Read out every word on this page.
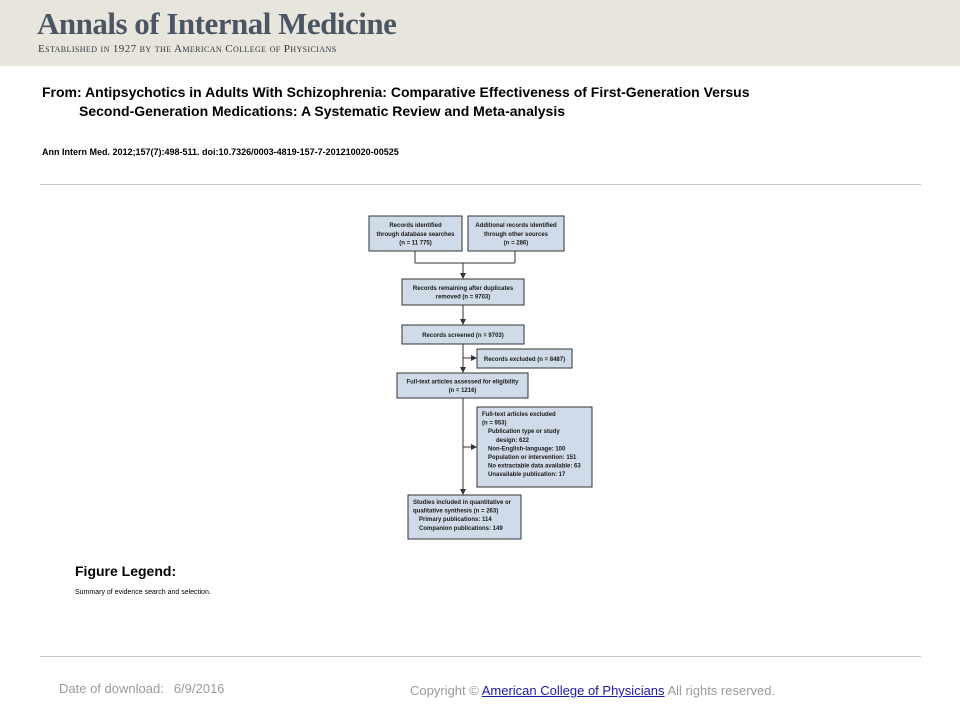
Annals of Internal Medicine
Established in 1927 by the American College of Physicians
From: Antipsychotics in Adults With Schizophrenia: Comparative Effectiveness of First-Generation Versus
Second-Generation Medications: A Systematic Review and Meta-analysis
Ann Intern Med. 2012;157(7):498-511. doi:10.7326/0003-4819-157-7-201210020-00525
Records identified
through database searches
(n = 11 775)
Additional records identified
through other sources
(n = 286)
Records remaining after duplicates
removed (n = 9703)
Records screened (n = 9703)
Records excluded (n = 8487)
Full-text articles assessed for eligibility
(n = 1216)
Full-text articles excluded
(n = 953)
Publication type or study
design: 622
Non-English-language: 100
Population or intervention: 151
No extractable data available: 63
Unavailable publication: 17
Studies included in quantitative or
qualitative synthesis (n = 263)
Primary publications: 114
Companion publications: 149
Figure Legend:
Summary of evidence search and selection.
Date of download: 6/9/2016	Copyright © American College of Physicians All rights reserved.
